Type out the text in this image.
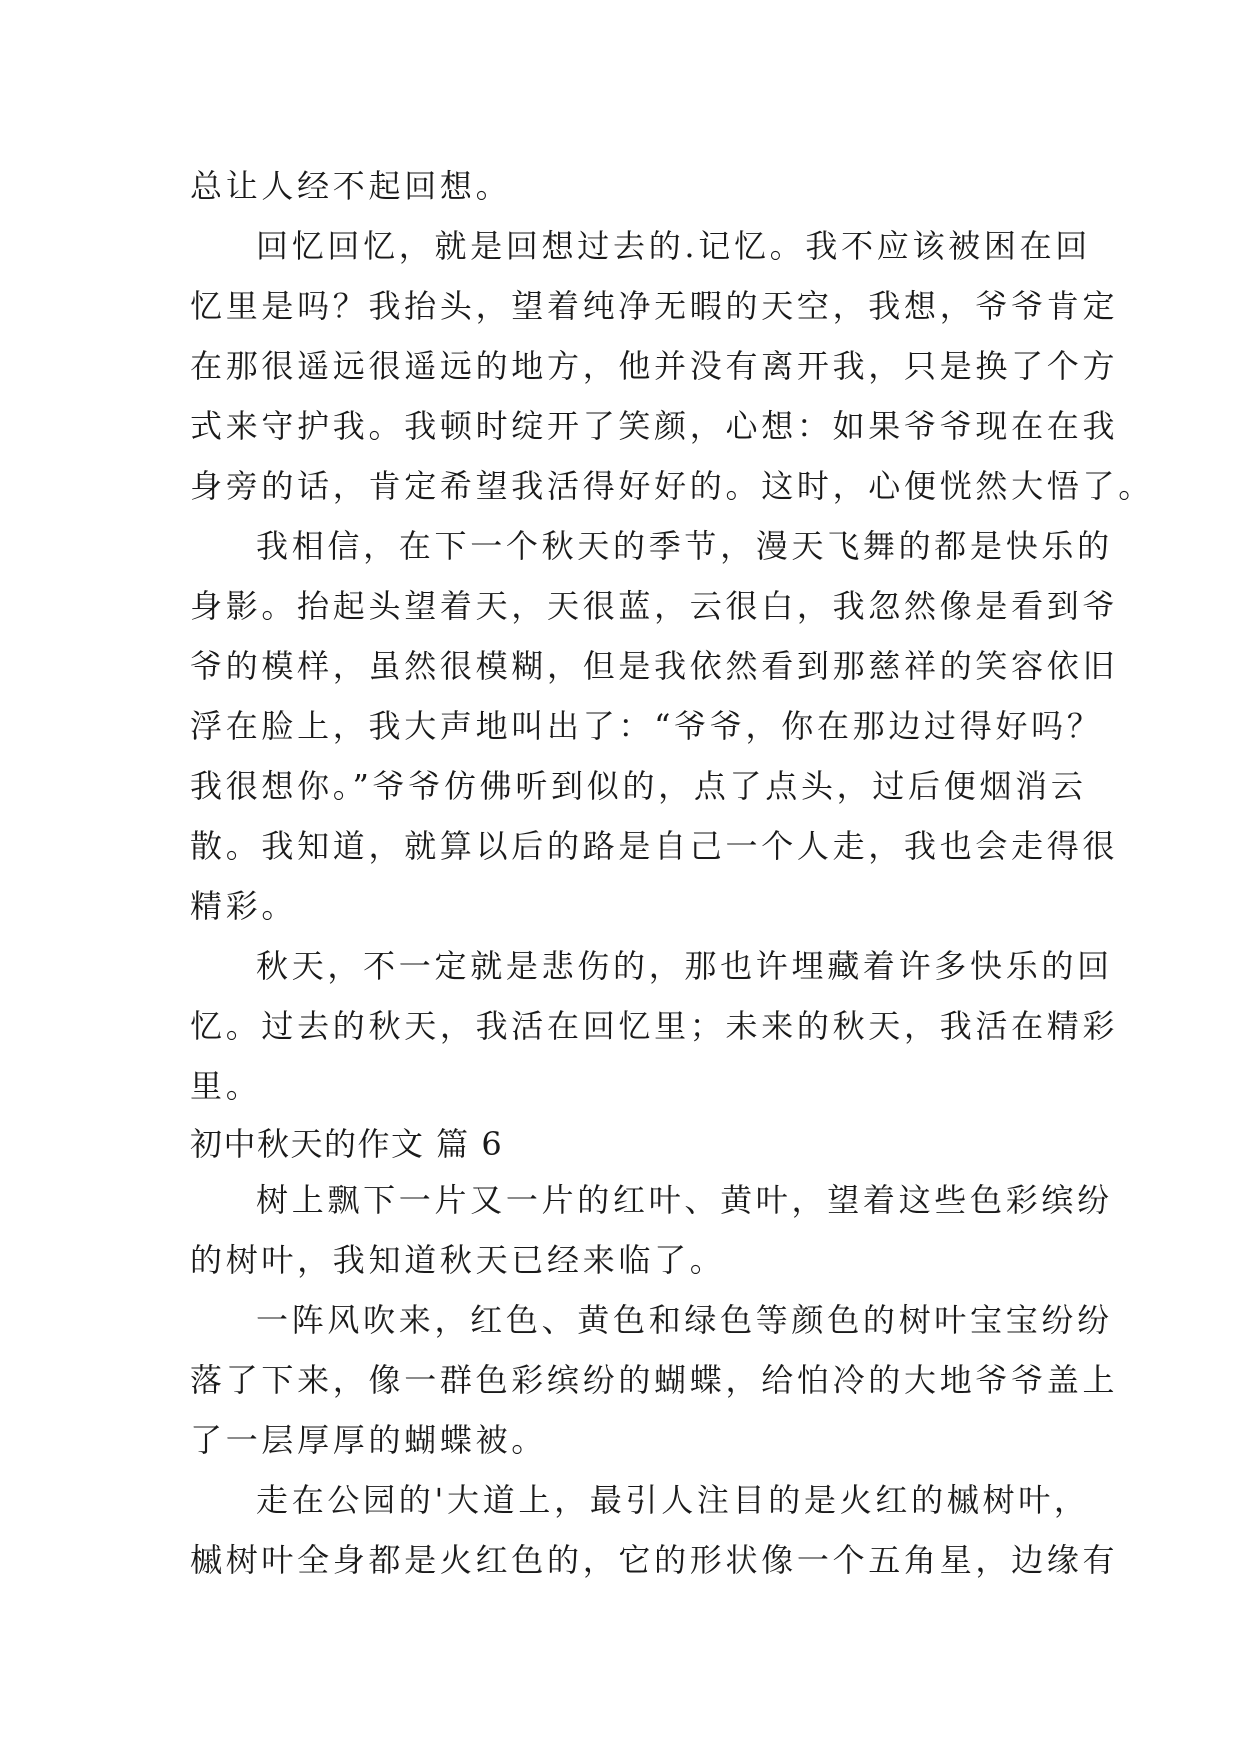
总让人经不起回想。
回忆回忆，就是回想过去的.记忆。我不应该被困在回
忆里是吗？我抬头，望着纯净无暇的天空，我想，爷爷肯定
在那很遥远很遥远的地方，他并没有离开我，只是换了个方
式来守护我。我顿时绽开了笑颜，心想：如果爷爷现在在我
身旁的话，肯定希望我活得好好的。这时，心便恍然大悟了。
我相信，在下一个秋天的季节，漫天飞舞的都是快乐的
身影。抬起头望着天，天很蓝，云很白，我忽然像是看到爷
爷的模样，虽然很模糊，但是我依然看到那慈祥的笑容依旧
浮在脸上，我大声地叫出了：“爷爷，你在那边过得好吗？
我很想你。”爷爷仿佛听到似的，点了点头，过后便烟消云
散。我知道，就算以后的路是自己一个人走，我也会走得很
精彩。
秋天，不一定就是悲伤的，那也许埋藏着许多快乐的回
忆。过去的秋天，我活在回忆里；未来的秋天，我活在精彩
里。
初中秋天的作文 篇 6
树上飘下一片又一片的红叶、黄叶，望着这些色彩缤纷
的树叶，我知道秋天已经来临了。
一阵风吹来，红色、黄色和绿色等颜色的树叶宝宝纷纷
落了下来，像一群色彩缤纷的蝴蝶，给怕冷的大地爷爷盖上
了一层厚厚的蝴蝶被。
走在公园的'大道上，最引人注目的是火红的槭树叶，
槭树叶全身都是火红色的，它的形状像一个五角星，边缘有
